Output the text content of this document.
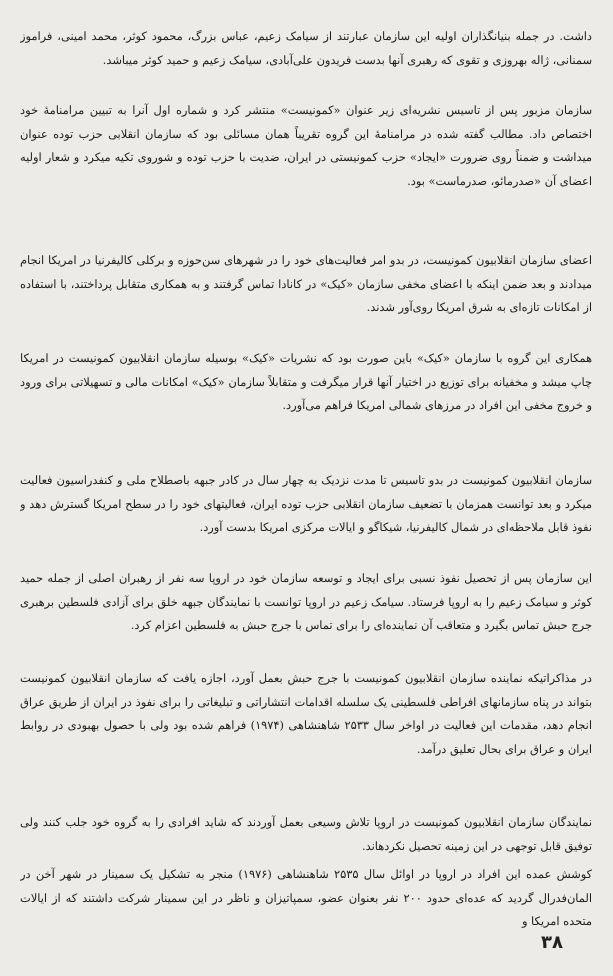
داشت. در جمله بنیانگذاران اولیه این سازمان عبارتند از سیامک زعیم، عباس بزرگ، محمود کوثر، محمد امینی، فراموز سمنانی، ژاله بهروزی و تقوی که رهبری آنها بدست فریدون علی‌آبادی، سیامک زعیم و حمید کوثر میباشد.

سازمان مزبور پس از تاسیس نشریه‌ای زیر عنوان «کمونیست» منتشر کرد و شماره اول آنرا به تبیین مرامنامهٔ خود اختصاص داد. مطالب گفته شده در مرامنامهٔ این گروه تقریباً همان مسائلی بود که سازمان انقلابی حزب توده عنوان میداشت و ضمناً روی ضرورت «ایجاد» حزب کمونیستی در ایران، ضدیت با حزب توده و شوروی تکیه میکرد و شعار اولیه اعضای آن «صدرمائو، صدرماست» بود.

اعضای سازمان انقلابیون کمونیست، در بدو امر فعالیت‌های خود را در شهرهای سن‌حوزه و برکلی کالیفرنیا در امریکا انجام میدادند و بعد ضمن اینکه با اعضای مخفی سازمان «کیک» در کانادا تماس گرفتند و به همکاری متقابل پرداختند، با استفاده از امکانات تازه‌ای به شرق امریکا روی‌آور شدند.

همکاری این گروه با سازمان «کیک» باین صورت بود که نشریات «کیک» بوسیله سازمان انقلابیون کمونیست در امریکا چاپ میشد و مخفیانه برای توزیع در اختیار آنها قرار میگرفت و متقابلاً سازمان «کیک» امکانات مالی و تسهیلاتی برای ورود و خروج مخفی این افراد در مرزهای شمالی امریکا فراهم می‌آورد.

سازمان انقلابیون کمونیست در بدو تاسیس تا مدت نزدیک به چهار سال در کادر جبهه باصطلاح ملی و کنفدراسیون فعالیت میکرد و بعد توانست همزمان با تضعیف سازمان انقلابی حزب توده ایران، فعالیتهای خود را در سطح امریکا گسترش دهد و نفوذ قابل ملاحظه‌ای در شمال کالیفرنیا، شیکاگو و ایالات مرکزی امریکا بدست آورد.

این سازمان پس از تحصیل نفوذ نسبی برای ایجاد و توسعه سازمان خود در اروپا سه نفر از رهبران اصلی از جمله حمید کوثر و سیامک زعیم را به اروپا فرستاد. سیامک زعیم در اروپا توانست با نمایندگان جبهه خلق برای آزادی فلسطین برهبری جرج حبش تماس بگیرد و متعاقب آن نماینده‌ای را برای تماس با جرج حبش به فلسطین اعزام کرد.

در مذاکراتیکه نماینده سازمان انقلابیون کمونیست با جرج حبش بعمل آورد، اجازه یافت که سازمان انقلابیون کمونیست بتواند در پناه سازمانهای افراطی فلسطینی یک سلسله اقدامات انتشاراتی و تبلیغاتی را برای نفوذ در ایران از طریق عراق انجام دهد، مقدمات این فعالیت در اواخر سال ۲۵۳۳ شاهنشاهی (۱۹۷۴) فراهم شده بود ولی با حصول بهبودی در روابط ایران و عراق برای بحال تعلیق درآمد.

نمایندگان سازمان انقلابیون کمونیست در اروپا تلاش وسیعی بعمل آوردند که شاید افرادی را به گروه خود جلب کنند ولی توفیق قابل توجهی در این زمینه تحصیل نکردهاند.

کوشش عمده این افراد در اروپا در اوائل سال ۲۵۳۵ شاهنشاهی (۱۹۷۶) منجر به تشکیل یک سمینار در شهر آخن در المان‌فدرال گردید که عده‌ای حدود ۲۰۰ نفر بعنوان عضو، سمپاتیزان و ناظر در این سمینار شرکت داشتند که از ایالات متحده امریکا و

۳۸
